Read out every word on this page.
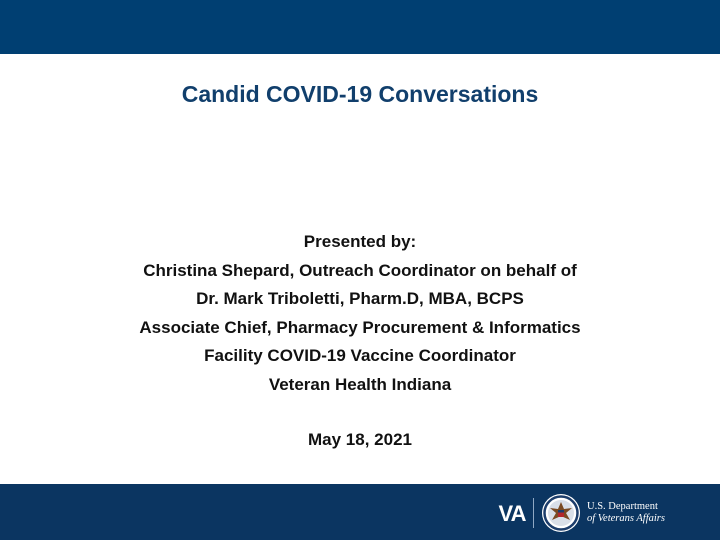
Candid COVID-19 Conversations
Presented by:
Christina Shepard, Outreach Coordinator on behalf of
Dr. Mark Triboletti, Pharm.D, MBA, BCPS
Associate Chief, Pharmacy Procurement & Informatics
Facility COVID-19 Vaccine Coordinator
Veteran Health Indiana
May 18, 2021
VA	U.S. Department
of Veterans Affairs
